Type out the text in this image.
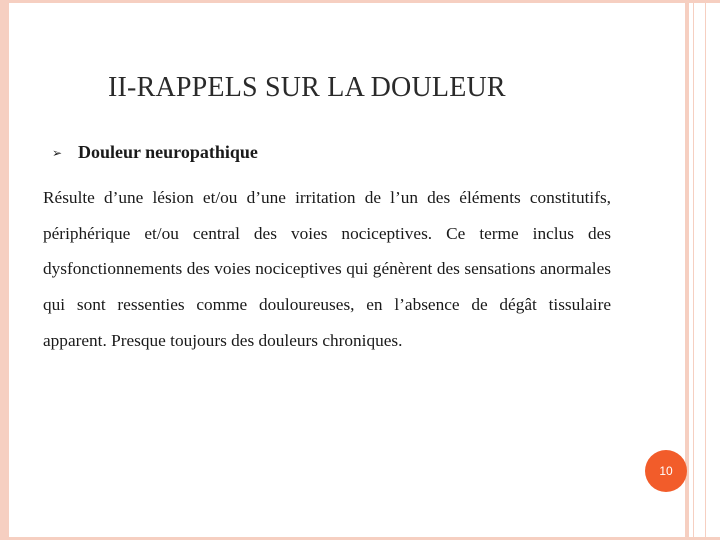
II-RAPPELS SUR LA DOULEUR
➢ Douleur neuropathique

Résulte d’une lésion et/ou d’une irritation de l’un des éléments constitutifs, périphérique et/ou central des voies nociceptives. Ce terme inclus des dysfonctionnements des voies nociceptives qui génèrent des sensations anormales qui sont ressenties comme douloureuses, en l’absence de dégât tissulaire apparent. Presque toujours des douleurs chroniques.

10
